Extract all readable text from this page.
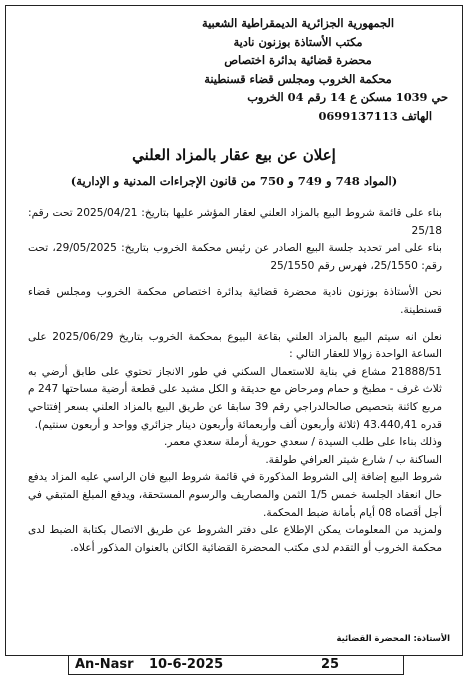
الجمهورية الجزائرية الديمقراطية الشعبية
مكتب الأستاذة بوزنون نادية
محضرة قضائية بدائرة اختصاص
محكمة الخروب ومجلس قضاء قسنطينة
حي 1039 مسكن ع 14 رقم 04 الخروب
الهاتف 0699137113
إعلان عن بيع عقار بالمزاد العلني
(المواد 748 و 749 و 750 من قانون الإجراءات المدنية و الإدارية)

بناء على قائمة شروط البيع بالمزاد العلني لعقار المؤشر عليها بتاريخ: 2025/04/21 تحت رقم: 25/18

بناء على امر تحديد جلسة البيع الصادر عن رئيس محكمة الخروب بتاريخ: 29/05/2025، تحت رقم: 25/1550، فهرس رقم 25/1550

نحن الأستاذة بوزنون نادية محضرة قضائية بدائرة اختصاص محكمة الخروب ومجلس قضاء قسنطينة.

نعلن انه سيتم البيع بالمزاد العلني بقاعة البيوع بمحكمة الخروب بتاريخ 2025/06/29 على الساعة الواحدة زوالا للعقار التالي :

21888/51 مشاع في بناية للاستعمال السكني في طور الانجاز تحتوي على طابق أرضي به ثلاث غرف - مطبخ و حمام ومرحاض مع حديقة و الكل مشيد على قطعة أرضية مساحتها 247 م مربع كائنة بتحصيص صالحالدراجي رقم 39 سابقا عن طريق البيع بالمزاد العلني بسعر إفتتاحي قدره 43.440,41 (ثلاثة وأربعون ألف وأربعمائة وأربعون دينار جزائري وواحد و أربعون سنتيم).

وذلك بناءا على طلب السيدة / سعدي حورية أرملة سعدي معمر.

الساكنة ب / شارع شيتر العرافي طولقة.

شروط البيع إضافة إلى الشروط المذكورة في قائمة شروط البيع فان الراسي عليه المزاد يدفع حال انعقاد الجلسة خمس 1/5 الثمن والمصاريف والرسوم المستحقة، ويدفع المبلغ المتبقي في أجل أقصاه 08 أيام بأمانة ضبط المحكمة.

ولمزيد من المعلومات يمكن الإطلاع على دفتر الشروط عن طريق الاتصال بكتابة الضبط لدى محكمة الخروب أو التقدم لدى مكتب المحضرة القضائية الكائن بالعنوان المذكور أعلاه.

الأستاذة: المحضرة القضائية
An-Nasr 10-6-2025	25
